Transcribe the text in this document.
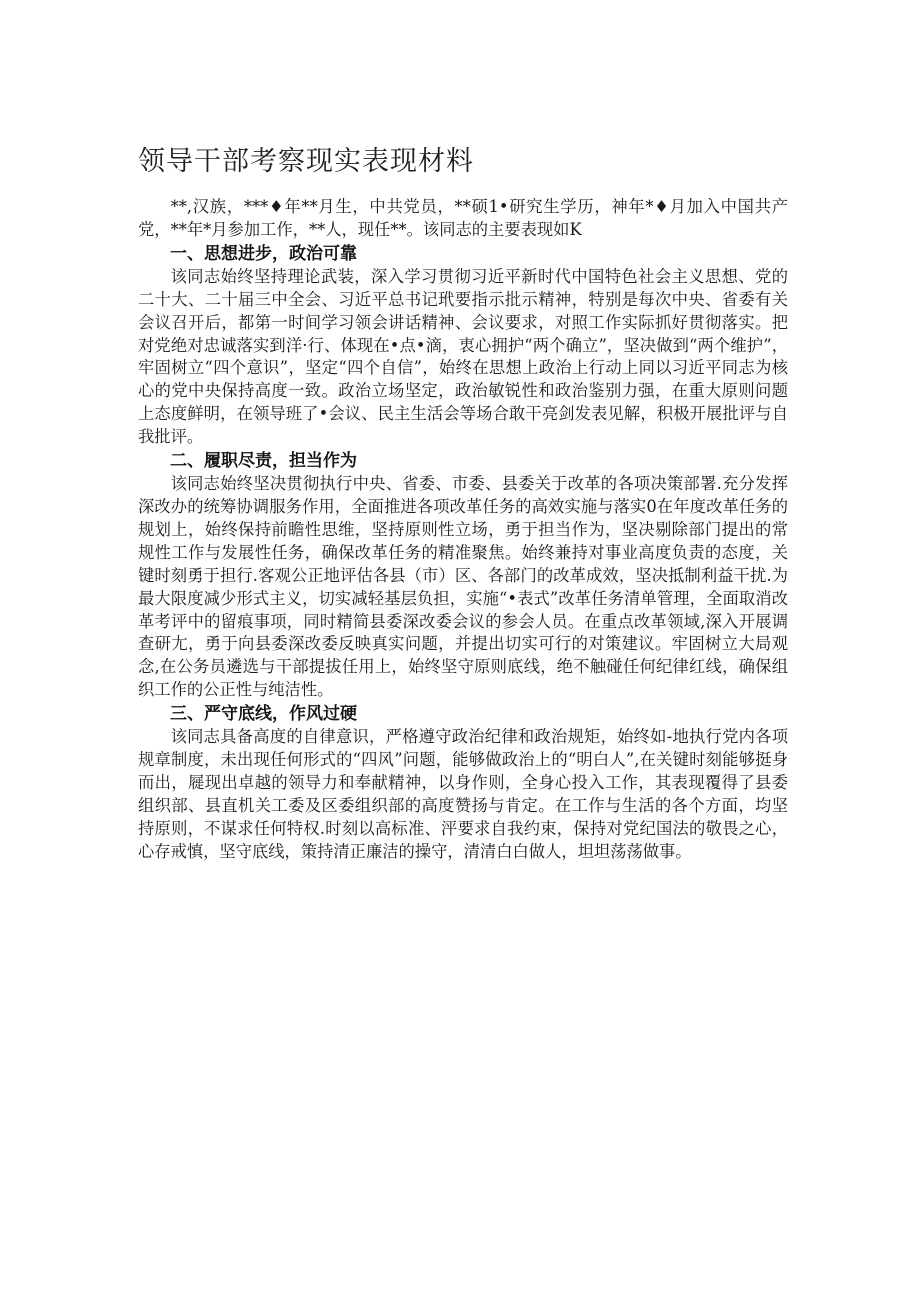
领导干部考察现实表现材料

**,汉族，***♦年**月生，中共党员，**硕1•研究生学历，神年*♦月加入中国共产党，**年*月参加工作，**人，现任**。该同志的主要表现如K

一、思想进步，政治可靠

该同志始终坚持理论武装，深入学习贯彻习近平新时代中国特色社会主义思想、党的二十大、二十届三中全会、习近平总书记玳要指示批示精神，特别是每次中央、省委有关会议召开后，都第一时间学习领会讲话精神、会议要求，对照工作实际抓好贯彻落实。把对党绝对忠诚落实到洋·行、体现在•点•滴，衷心拥护“两个确立”，坚决做到“两个维护”，牢固树立“四个意识”，坚定“四个自信”，始终在思想上政治上行动上同以习近平同志为核心的党中央保持高度一致。政治立场坚定，政治敏锐性和政治鉴别力强，在重大原则问题上态度鲜明，在领导班了•会议、民主生活会等场合敢干亮剑发表见解，积极开展批评与自我批评。

二、履职尽责，担当作为

该同志始终坚决贯彻执行中央、省委、市委、县委关于改革的各项决策部署.充分发挥深改办的统筹协调服务作用，全面推进各项改革任务的高效实施与落实0在年度改革任务的规划上，始终保持前瞻性思维，坚持原则性立场，勇于担当作为，坚决剔除部门提出的常规性工作与发展性任务，确保改革任务的精准聚焦。始终兼持对事业高度负责的态度，关键时刻勇于担行.客观公正地评估各县（市）区、各部门的改革成效，坚决抵制利益干扰.为最大限度减少形式主义，切实减轻基层负担，实施“•表式”改革任务清单管理，全面取消改革考评中的留痕事项，同时精简县委深改委会议的参会人员。在重点改革领域,深入开展调查研尢，勇于向县委深改委反映真实问题，并提出切实可行的对策建议。牢固树立大局观念,在公务员遴选与干部提拔任用上，始终坚守原则底线，绝不触碰任何纪律红线，确保组织工作的公正性与纯洁性。

三、严守底线，作风过硬

该同志具备高度的自律意识，严格遵守政治纪律和政治规矩，始终如-地执行党内各项规章制度，未出现任何形式的“四风”问题，能够做政治上的“明白人”,在关键时刻能够挺身而出，屣现出卓越的领导力和奉献精神，以身作则，全身心投入工作，其表现覆得了县委组织部、县直机关工委及区委组织部的高度赞扬与肯定。在工作与生活的各个方面，均坚持原则，不谋求任何特权.时刻以高标准、泙要求自我约束，保持对党纪国法的敬畏之心，心存戒慎，坚守底线，策持清正廉洁的操守，清清白白做人，坦坦荡荡做事。
